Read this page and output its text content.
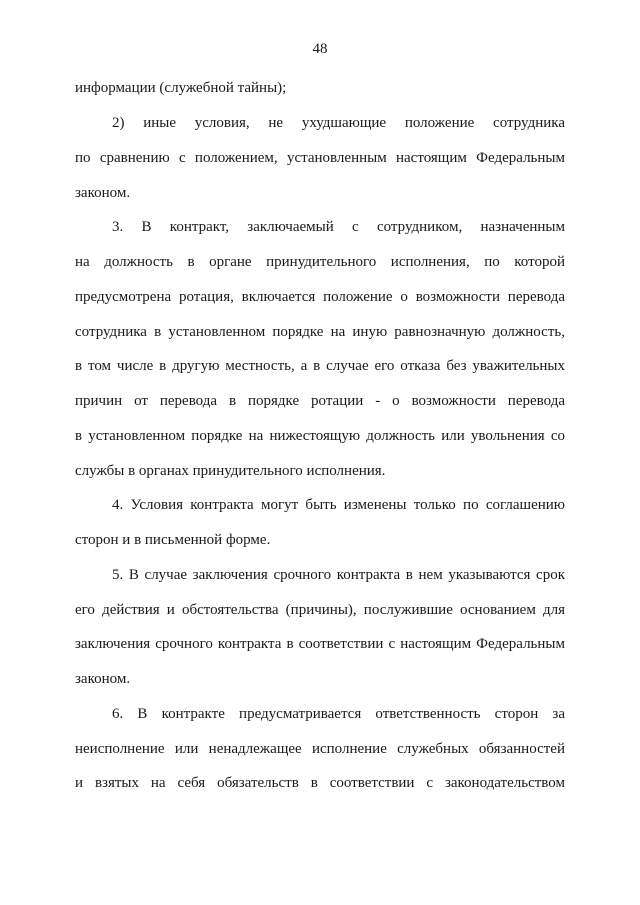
48
информации (служебной тайны);
2) иные условия, не ухудшающие положение сотрудника
по сравнению с положением, установленным настоящим Федеральным
законом.
3. В контракт, заключаемый с сотрудником, назначенным
на должность в органе принудительного исполнения, по которой
предусмотрена ротация, включается положение о возможности перевода
сотрудника в установленном порядке на иную равнозначную должность,
в том числе в другую местность, а в случае его отказа без уважительных
причин от перевода в порядке ротации - о возможности перевода
в установленном порядке на нижестоящую должность или увольнения со
службы в органах принудительного исполнения.
4. Условия контракта могут быть изменены только по соглашению
сторон и в письменной форме.
5. В случае заключения срочного контракта в нем указываются срок
его действия и обстоятельства (причины), послужившие основанием для
заключения срочного контракта в соответствии с настоящим Федеральным
законом.
6. В контракте предусматривается ответственность сторон за
неисполнение или ненадлежащее исполнение служебных обязанностей
и взятых на себя обязательств в соответствии с законодательством
